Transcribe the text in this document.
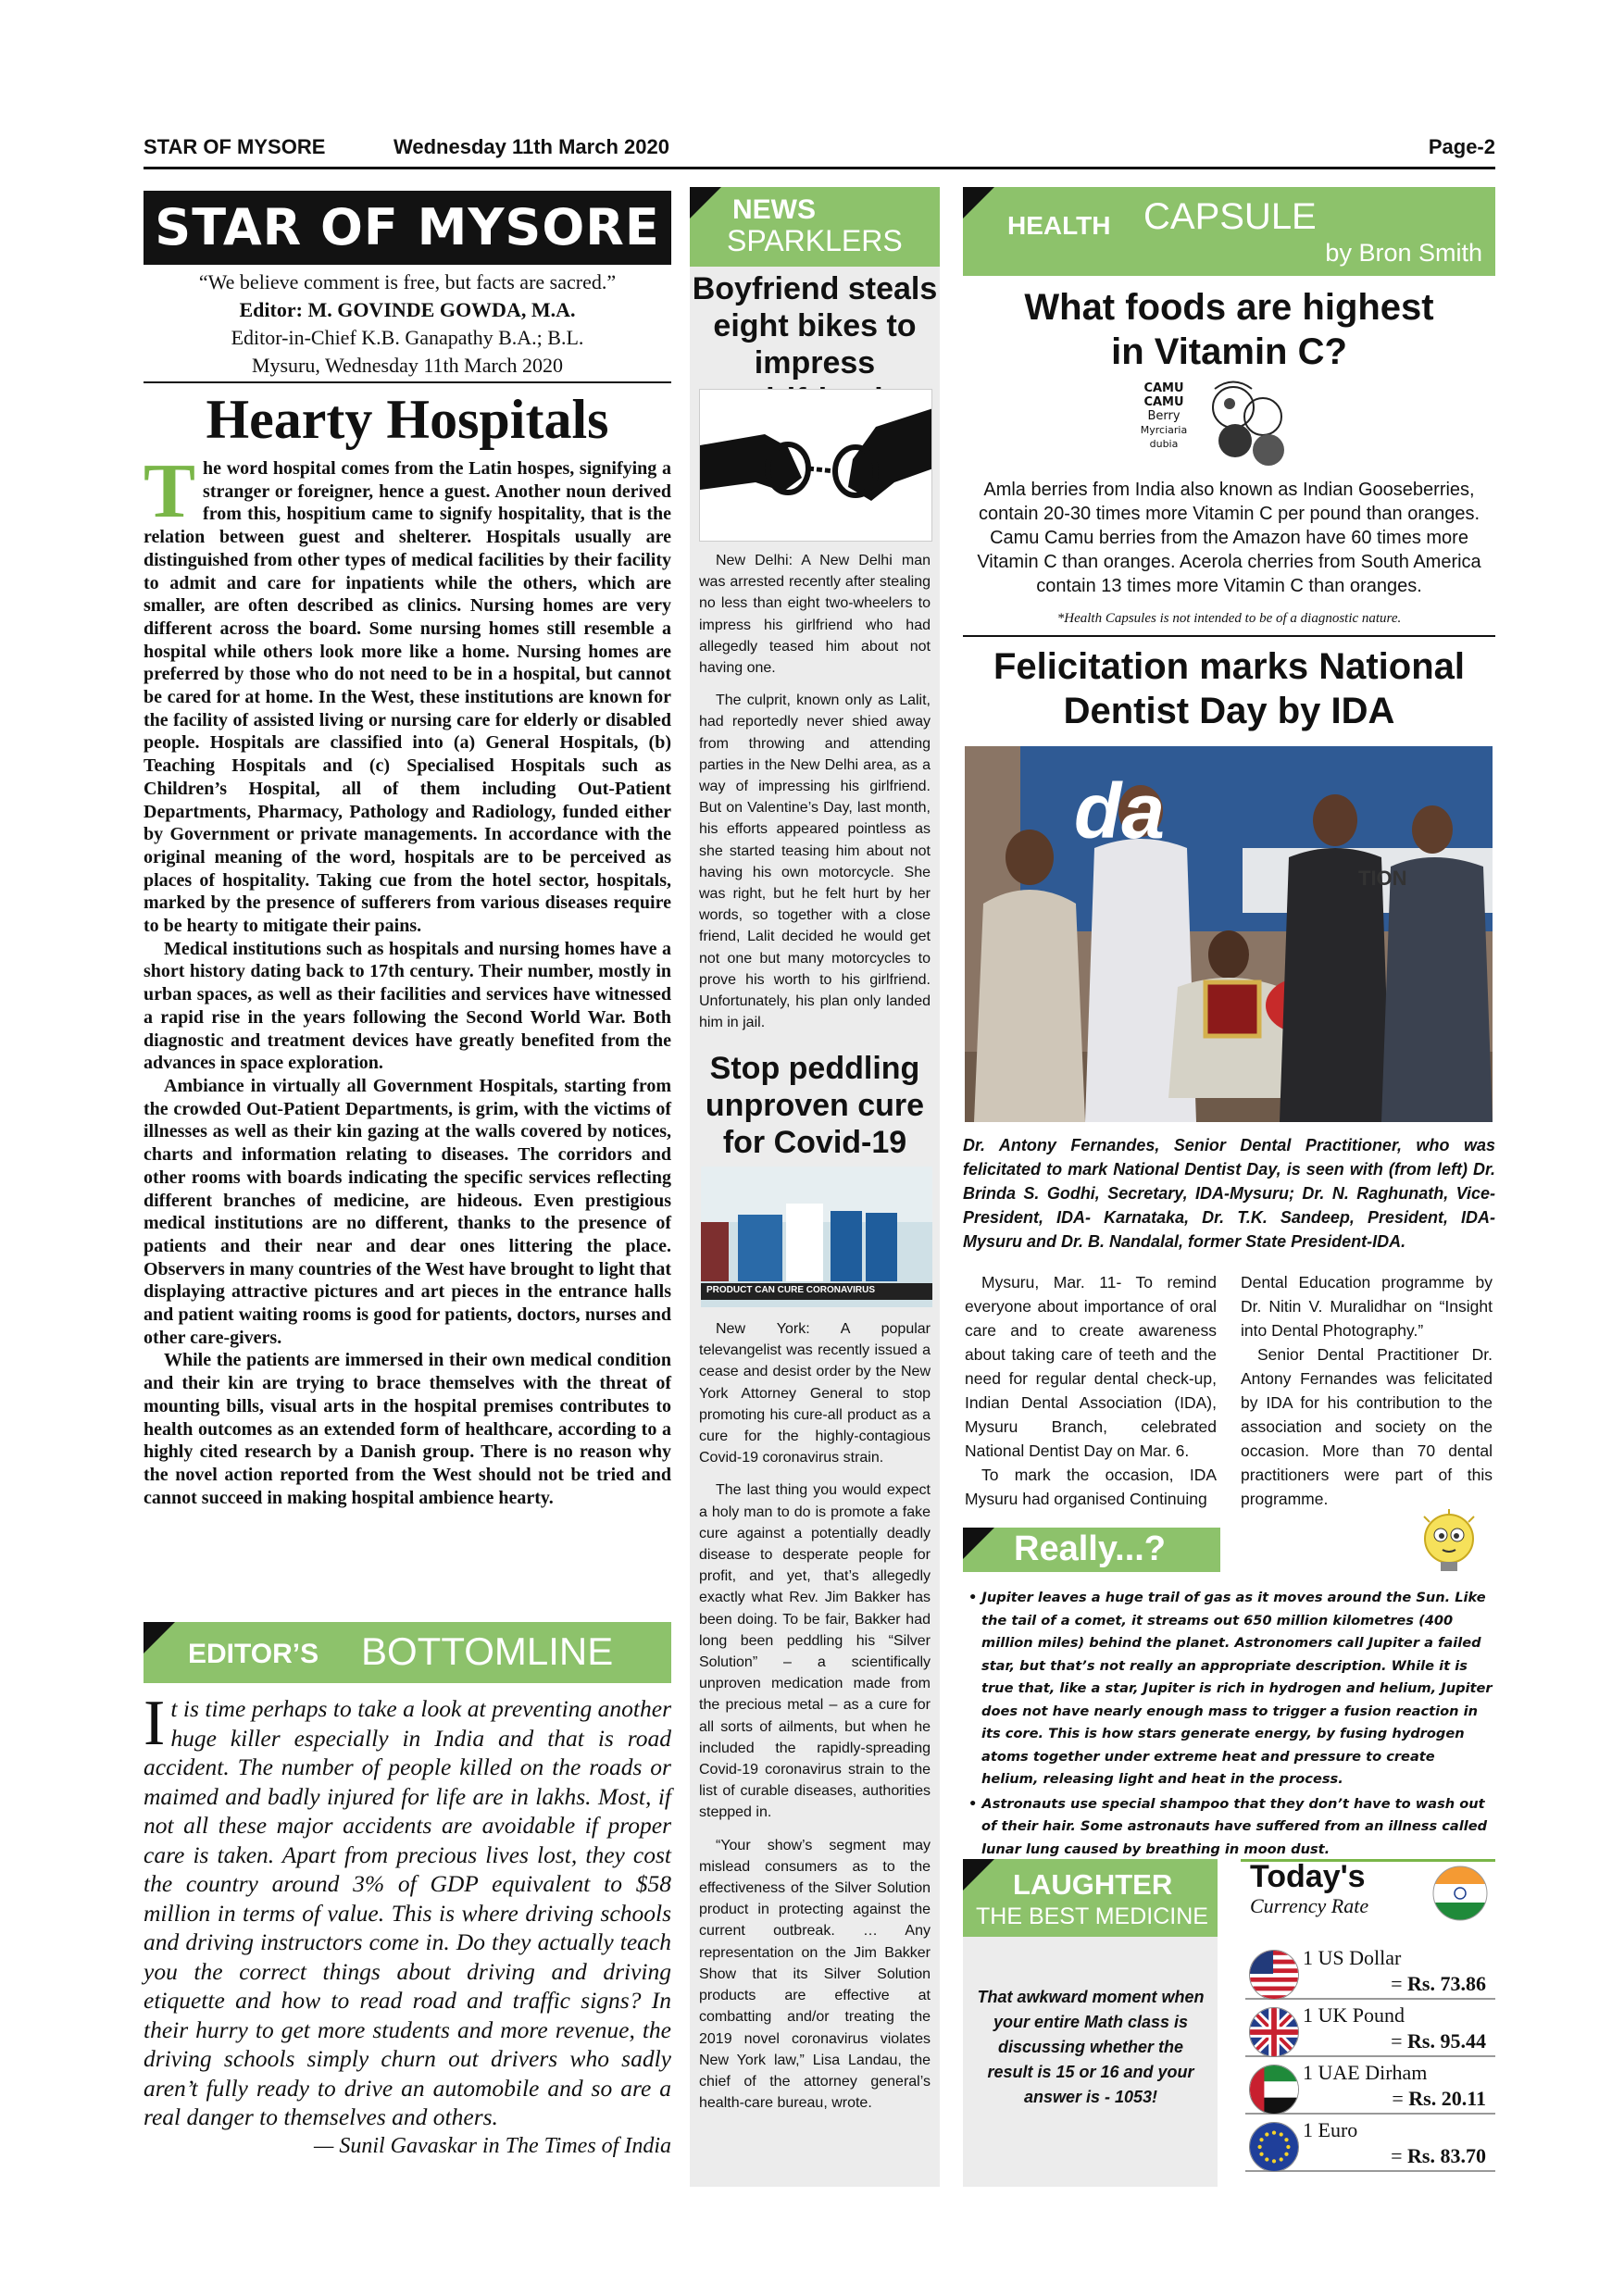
STAR OF MYSORE	Wednesday 11th March 2020	Page-2
STAR OF MYSORE
“We believe comment is free, but facts are sacred.”
Editor: M. GOVINDE GOWDA, M.A.
Editor-in-Chief K.B. Ganapathy B.A.; B.L.
Mysuru, Wednesday 11th March 2020
Hearty Hospitals

The word hospital comes from the Latin hospes, signifying a stranger or foreigner, hence a guest. Another noun derived from this, hospitium came to signify hospitality, that is the relation between guest and shelterer. Hospitals usually are distinguished from other types of medical facilities by their facility to admit and care for inpatients while the others, which are smaller, are often described as clinics. Nursing homes are very different across the board. Some nursing homes still resemble a hospital while others look more like a home. Nursing homes are preferred by those who do not need to be in a hospital, but cannot be cared for at home. In the West, these institutions are known for the facility of assisted living or nursing care for elderly or disabled people. Hospitals are classified into (a) General Hospitals, (b) Teaching Hospitals and (c) Specialised Hospitals such as Children’s Hospital, all of them including Out-Patient Departments, Pharmacy, Pathology and Radiology, funded either by Government or private managements. In accordance with the original meaning of the word, hospitals are to be perceived as places of hospitality. Taking cue from the hotel sector, hospitals, marked by the presence of sufferers from various diseases require to be hearty to mitigate their pains.

Medical institutions such as hospitals and nursing homes have a short history dating back to 17th century. Their number, mostly in urban spaces, as well as their facilities and services have witnessed a rapid rise in the years following the Second World War. Both diagnostic and treatment devices have greatly benefited from the advances in space exploration.

Ambiance in virtually all Government Hospitals, starting from the crowded Out-Patient Departments, is grim, with the victims of illnesses as well as their kin gazing at the walls covered by notices, charts and information relating to diseases. The corridors and other rooms with boards indicating the specific services reflecting different branches of medicine, are hideous. Even prestigious medical institutions are no different, thanks to the presence of patients and their near and dear ones littering the place. Observers in many countries of the West have brought to light that displaying attractive pictures and art pieces in the entrance halls and patient waiting rooms is good for patients, doctors, nurses and other care-givers.

While the patients are immersed in their own medical condition and their kin are trying to brace themselves with the threat of mounting bills, visual arts in the hospital premises contributes to health outcomes as an extended form of healthcare, according to a highly cited research by a Danish group. There is no reason why the novel action reported from the West should not be tried and cannot succeed in making hospital ambience hearty.

EDITOR’S BOTTOMLINE
It is time perhaps to take a look at preventing another huge killer especially in India and that is road accident. The number of people killed on the roads or maimed and badly injured for life are in lakhs. Most, if not all these major accidents are avoidable if proper care is taken. Apart from precious lives lost, they cost the country around 3% of GDP equivalent to $58 million in terms of value. This is where driving schools and driving instructors come in. Do they actually teach you the correct things about driving and driving etiquette and how to read road and traffic signs? In their hurry to get more students and more revenue, the driving schools simply churn out drivers who sadly aren’t fully ready to drive an automobile and so are a real danger to themselves and others.
— Sunil Gavaskar in The Times of India
NEWS
SPARKLERS
Boyfriend steals eight bikes to impress

New Delhi: A New Delhi man was arrested recently after stealing no less than eight two-wheelers to impress his girlfriend who had allegedly teased him about not having one.

The culprit, known only as Lalit, had reportedly never shied away from throwing and attending parties in the New Delhi area, as a way of impressing his girlfriend. But on Valentine’s Day, last month, his efforts appeared pointless as she started teasing him about not having his own motorcycle. She was right, but he felt hurt by her words, so together with a close friend, Lalit decided he would get not one but many motorcycles to prove his worth to his girlfriend. Unfortunately, his plan only landed him in jail.

Stop peddling unproven cure for Covid-19
PRODUCT CAN CURE CORONAVIRUS

New York: A popular televangelist was recently issued a cease and desist order by the New York Attorney General to stop promoting his cure-all product as a cure for the highly-contagious Covid-19 coronavirus strain.

The last thing you would expect a holy man to do is promote a fake cure against a potentially deadly disease to desperate people for profit, and yet, that’s allegedly exactly what Rev. Jim Bakker has been doing. To be fair, Bakker had long been peddling his “Silver Solution” – a scientifically unproven medication made from the precious metal – as a cure for all sorts of ailments, but when he included the rapidly-spreading Covid-19 coronavirus strain to the list of curable diseases, authorities stepped in.

“Your show’s segment may mislead consumers as to the effectiveness of the Silver Solution product in protecting against the current outbreak. … Any representation on the Jim Bakker Show that its Silver Solution products are effective at combatting and/or treating the 2019 novel coronavirus violates New York law,” Lisa Landau, the chief of the attorney general’s health-care bureau, wrote.

HEALTH CAPSULE
by Bron Smith
What foods are highest in Vitamin C?
CAMU
CAMU
Berry
Myrciaria
dubia
Amla berries from India also known as Indian Gooseberries, contain 20-30 times more Vitamin C per pound than oranges. Camu Camu berries from the Amazon have 60 times more Vitamin C than oranges. Acerola cherries from South America contain 13 times more Vitamin C than oranges.
*Health Capsules is not intended to be of a diagnostic nature.
Felicitation marks National Dentist Day by IDA
da
TION
Dr. Antony Fernandes, Senior Dental Practitioner, who was felicitated to mark National Dentist Day, is seen with (from left) Dr. Brinda S. Godhi, Secretary, IDA-Mysuru; Dr. N. Raghunath, Vice-President, IDA- Karnataka, Dr. T.K. Sandeep, President, IDA-Mysuru and Dr. B. Nandalal, former State President-IDA.

Mysuru, Mar. 11- To remind everyone about importance of oral care and to create awareness about taking care of teeth and the need for regular dental check-up, Indian Dental Association (IDA), Mysuru Branch, celebrated National Dentist Day on Mar. 6.

To mark the occasion, IDA Mysuru had organised Continuing

Dental Education programme by Dr. Nitin V. Muralidhar on “Insight into Dental Photography.”

Senior Dental Practitioner Dr. Antony Fernandes was felicitated by IDA for his contribution to the association and society on the occasion. More than 70 dental practitioners were part of this programme.

Really...?
• Jupiter leaves a huge trail of gas as it moves around the Sun. Like the tail of a comet, it streams out 650 million kilometres (400 million miles) behind the planet. Astronomers call Jupiter a failed star, but that’s not really an appropriate description. While it is true that, like a star, Jupiter is rich in hydrogen and helium, Jupiter does not have nearly enough mass to trigger a fusion reaction in its core. This is how stars generate energy, by fusing hydrogen atoms together under extreme heat and pressure to create helium, releasing light and heat in the process.
• Astronauts use special shampoo that they don’t have to wash out of their hair. Some astronauts have suffered from an illness called lunar lung caused by breathing in moon dust.
LAUGHTER
THE BEST MEDICINE
That awkward moment when your entire Math class is discussing whether the result is 15 or 16 and your answer is - 1053!
Today's
Currency Rate
1 US Dollar
= Rs. 73.86
1 UK Pound
= Rs. 95.44
1 UAE Dirham
= Rs. 20.11
1 Euro
= Rs. 83.70
